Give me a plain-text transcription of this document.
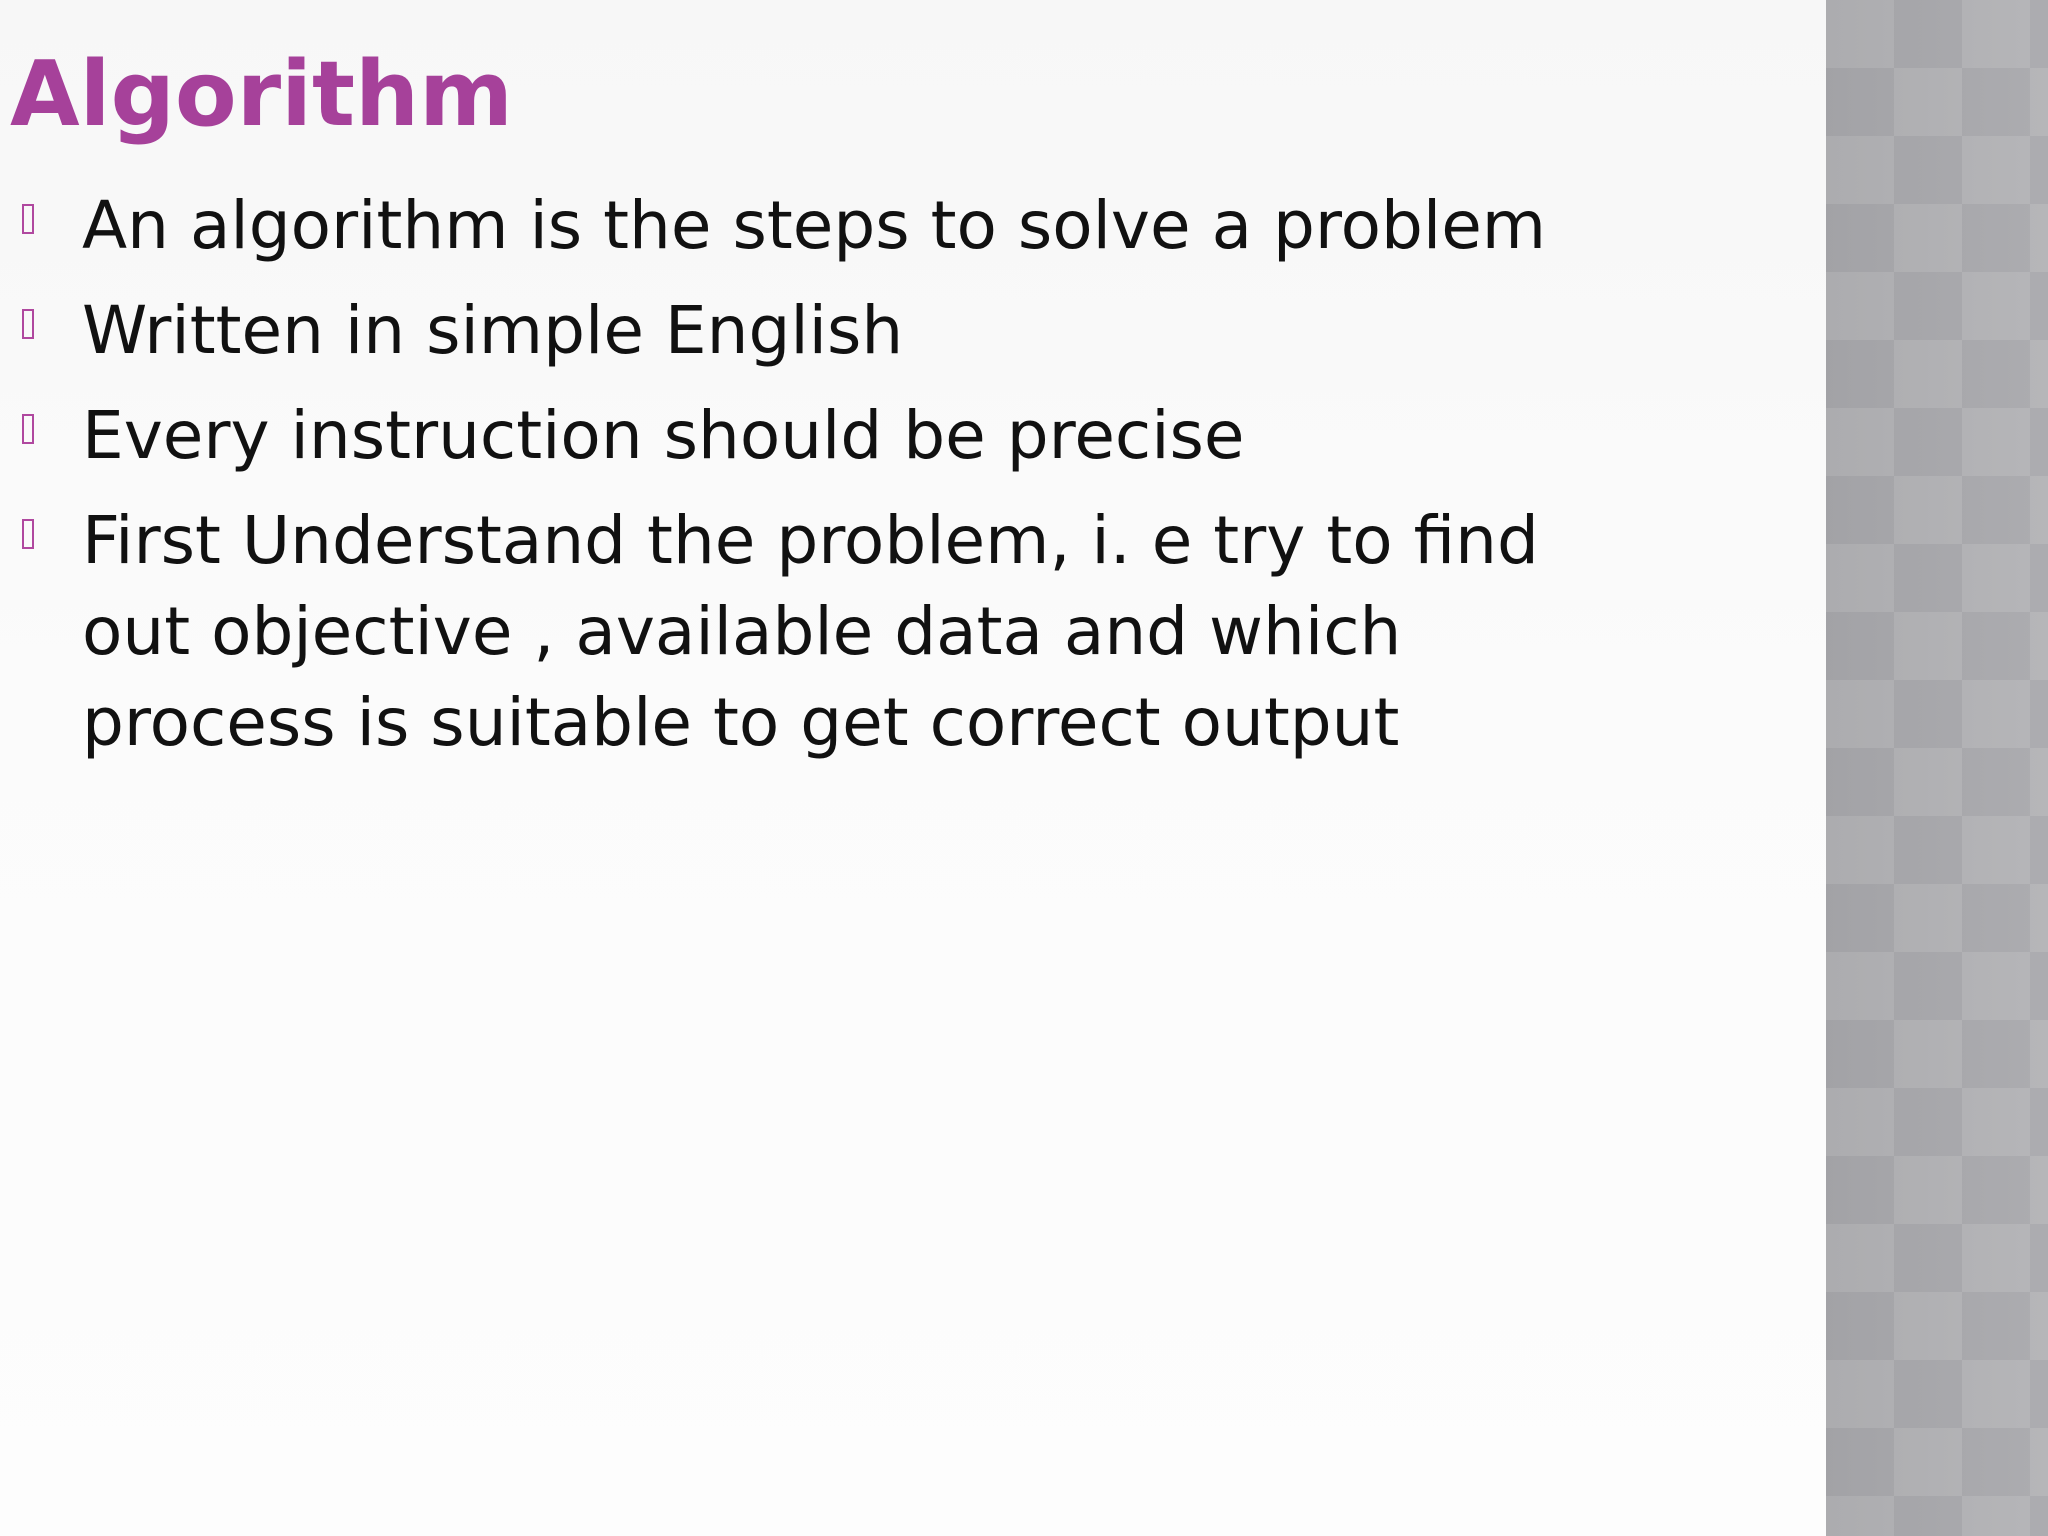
Algorithm
An algorithm is the steps to solve a problem
Written in simple English
Every instruction should be precise
First Understand the problem, i. e try to find out objective , available data and which process is suitable to get correct output
